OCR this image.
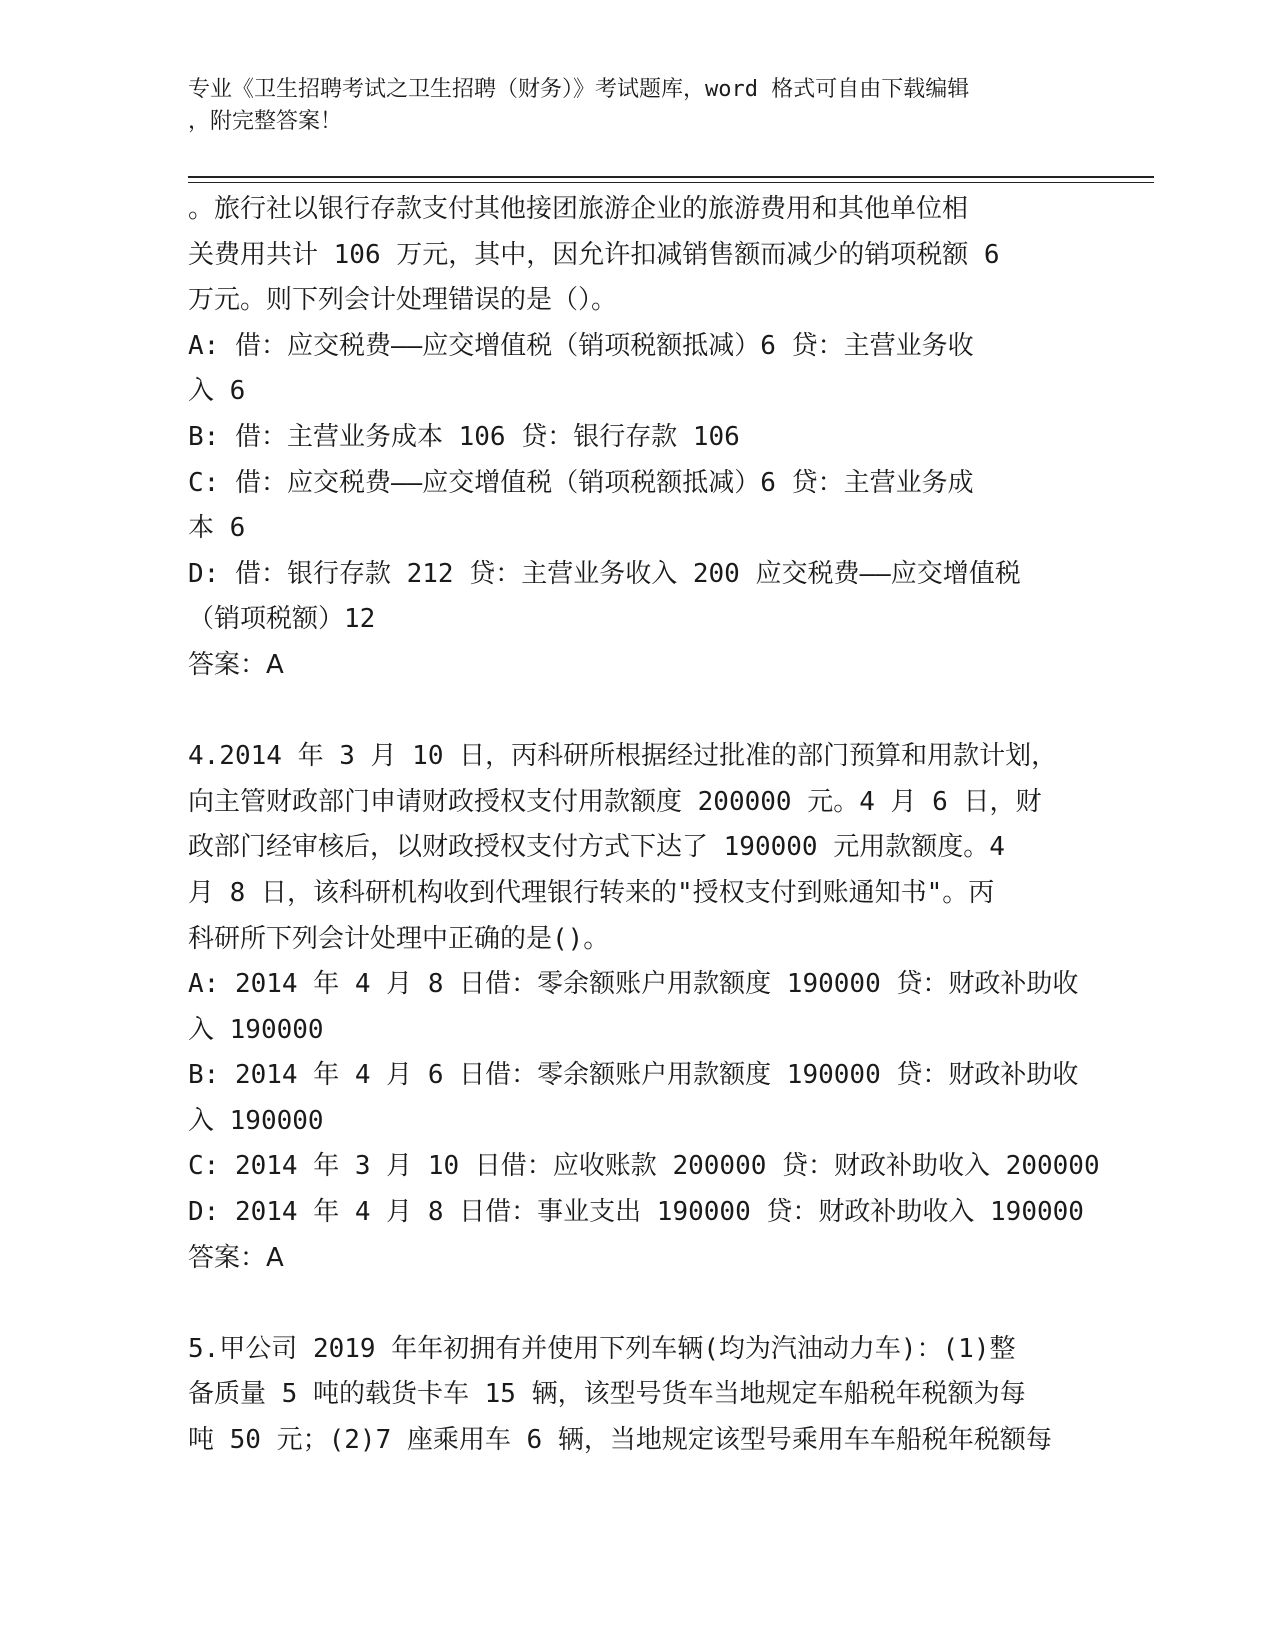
专业《卫生招聘考试之卫生招聘（财务）》考试题库，word 格式可自由下载编辑
，附完整答案！
。旅行社以银行存款支付其他接团旅游企业的旅游费用和其他单位相
关费用共计 106 万元，其中，因允许扣减销售额而减少的销项税额 6
万元。则下列会计处理错误的是（）。
A: 借：应交税费——应交增值税（销项税额抵减）6 贷：主营业务收
入 6
B: 借：主营业务成本 106 贷：银行存款 106
C: 借：应交税费——应交增值税（销项税额抵减）6 贷：主营业务成
本 6
D: 借：银行存款 212 贷：主营业务收入 200 应交税费——应交增值税
（销项税额）12
答案：A
4.2014 年 3 月 10 日，丙科研所根据经过批准的部门预算和用款计划，
向主管财政部门申请财政授权支付用款额度 200000 元。4 月 6 日，财
政部门经审核后，以财政授权支付方式下达了 190000 元用款额度。4
月 8 日，该科研机构收到代理银行转来的"授权支付到账通知书"。丙
科研所下列会计处理中正确的是()。
A: 2014 年 4 月 8 日借：零余额账户用款额度 190000 贷：财政补助收
入 190000
B: 2014 年 4 月 6 日借：零余额账户用款额度 190000 贷：财政补助收
入 190000
C: 2014 年 3 月 10 日借：应收账款 200000 贷：财政补助收入 200000
D: 2014 年 4 月 8 日借：事业支出 190000 贷：财政补助收入 190000
答案：A
5.甲公司 2019 年年初拥有并使用下列车辆(均为汽油动力车)：(1)整
备质量 5 吨的载货卡车 15 辆，该型号货车当地规定车船税年税额为每
吨 50 元；(2)7 座乘用车 6 辆，当地规定该型号乘用车车船税年税额每
